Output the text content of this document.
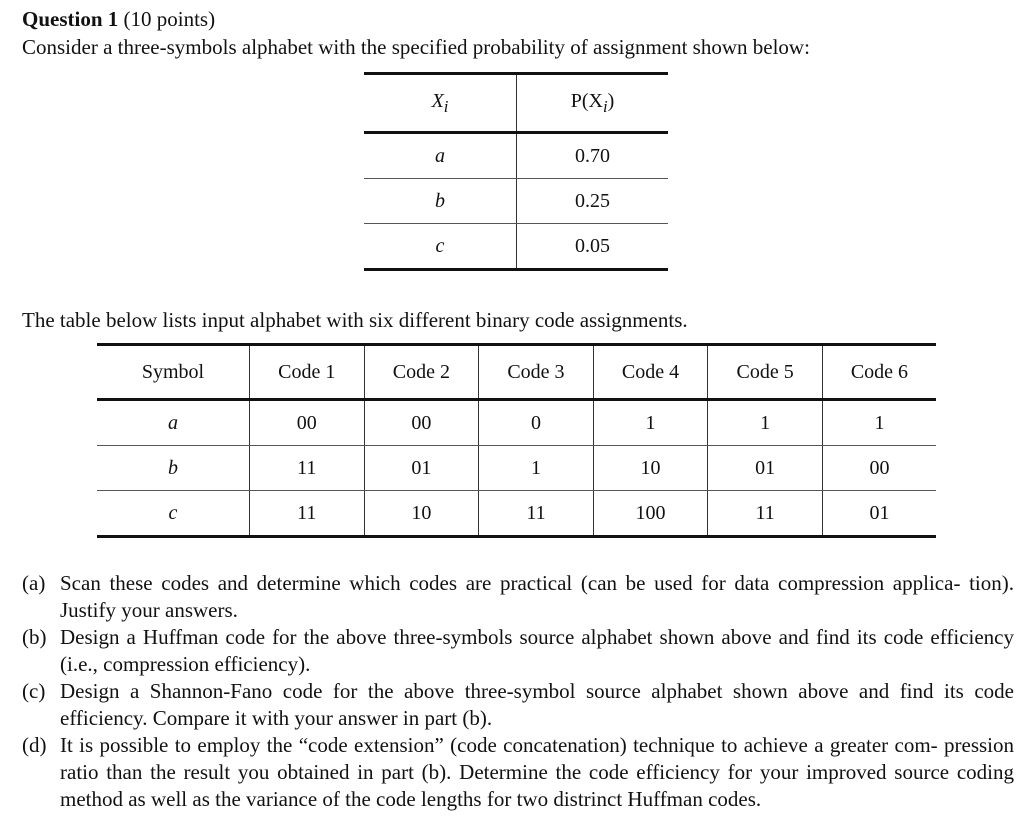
Question 1 (10 points)
Consider a three-symbols alphabet with the specified probability of assignment shown below:
$X_i$	$P(X_i)$
a	0.70
b	0.25
c	0.05
The table below lists input alphabet with six different binary code assignments.
Symbol	Code 1	Code 2	Code 3	Code 4	Code 5	Code 6
a	00	00	0	1	1	1
b	11	01	1	10	01	00
c	11	10	11	100	11	01
(a) Scan these codes and determine which codes are practical (can be used for data compression applica- tion). Justify your answers.
(b) Design a Huffman code for the above three-symbols source alphabet shown above and find its code efficiency (i.e., compression efficiency).
(c) Design a Shannon-Fano code for the above three-symbol source alphabet shown above and find its code efficiency. Compare it with your answer in part (b).
(d) It is possible to employ the “code extension” (code concatenation) technique to achieve a greater com- pression ratio than the result you obtained in part (b). Determine the code efficiency for your improved source coding method as well as the variance of the code lengths for two distrinct Huffman codes.
